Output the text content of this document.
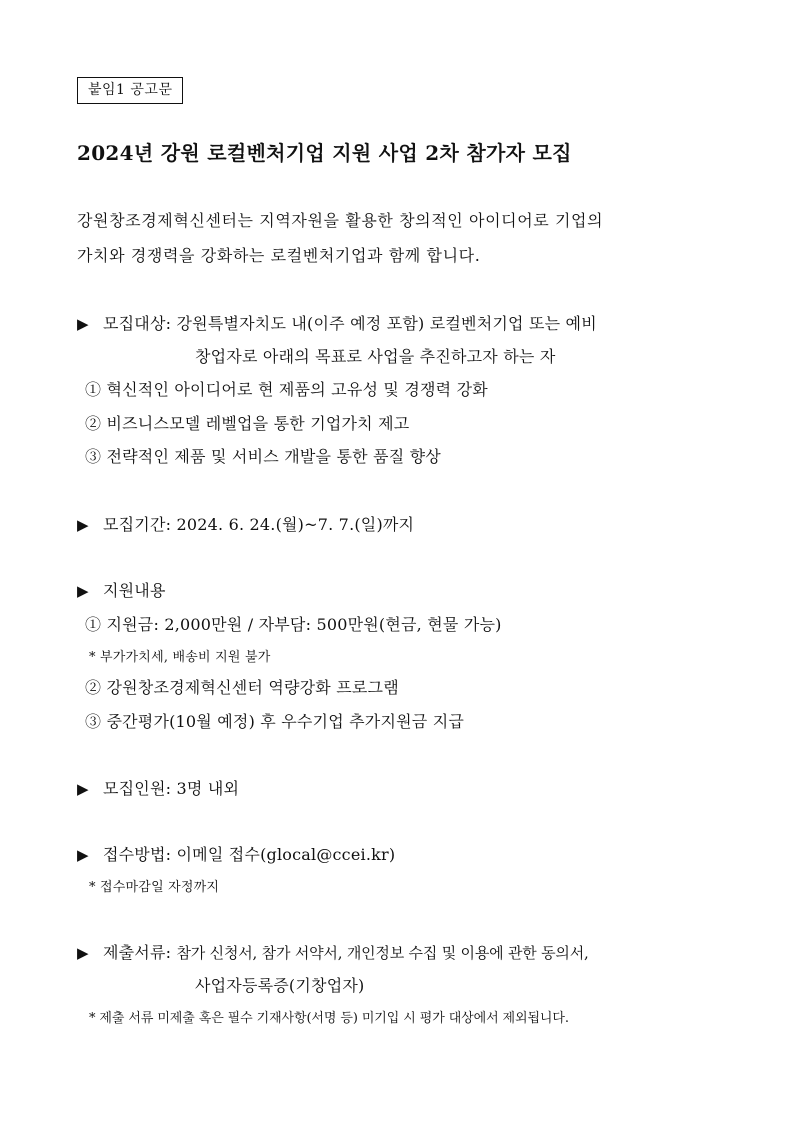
붙임1 공고문
2024년 강원 로컬벤처기업 지원 사업 2차 참가자 모집
강원창조경제혁신센터는 지역자원을 활용한 창의적인 아이디어로 기업의
가치와 경쟁력을 강화하는 로컬벤처기업과 함께 합니다.
▶ 모집대상: 강원특별자치도 내(이주 예정 포함) 로컬벤처기업 또는 예비
창업자로 아래의 목표로 사업을 추진하고자 하는 자
① 혁신적인 아이디어로 현 제품의 고유성 및 경쟁력 강화
② 비즈니스모델 레벨업을 통한 기업가치 제고
③ 전략적인 제품 및 서비스 개발을 통한 품질 향상
▶ 모집기간: 2024. 6. 24.(월)~7. 7.(일)까지
▶ 지원내용
① 지원금: 2,000만원 / 자부담: 500만원(현금, 현물 가능)
* 부가가치세, 배송비 지원 불가
② 강원창조경제혁신센터 역량강화 프로그램
③ 중간평가(10월 예정) 후 우수기업 추가지원금 지급
▶ 모집인원: 3명 내외
▶ 접수방법: 이메일 접수(glocal@ccei.kr)
* 접수마감일 자정까지
▶ 제출서류: 참가 신청서, 참가 서약서, 개인정보 수집 및 이용에 관한 동의서,
사업자등록증(기창업자)
* 제출 서류 미제출 혹은 필수 기재사항(서명 등) 미기입 시 평가 대상에서 제외됩니다.
